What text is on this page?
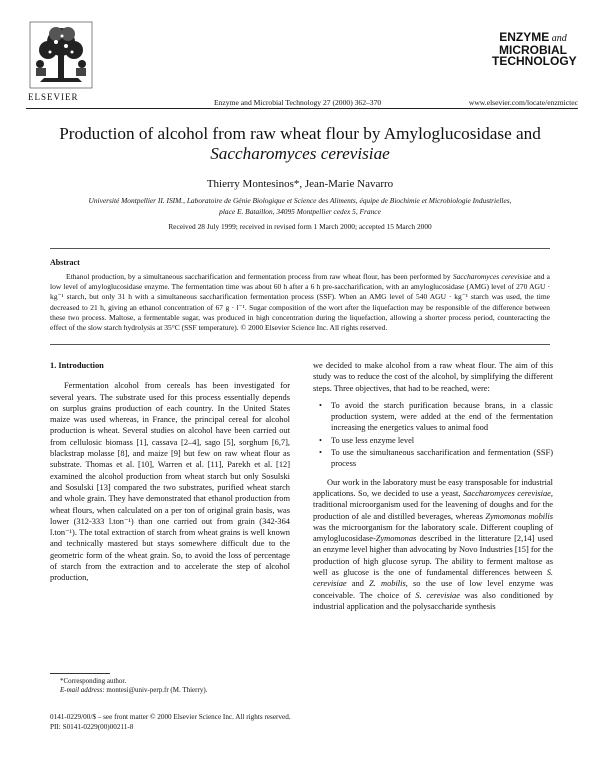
ELSEVIER
Enzyme and Microbial Technology 27 (2000) 362–370	www.elsevier.com/locate/enzmictec
ENZYME and
MICROBIAL
TECHNOLOGY
Production of alcohol from raw wheat flour by Amyloglucosidase and
Saccharomyces cerevisiae
Thierry Montesinos*, Jean-Marie Navarro
Université Montpellier II. ISIM., Laboratoire de Génie Biologique et Science des Aliments, équipe de Biochimie et Microbiologie Industrielles,
place E. Bataillon, 34095 Montpellier cedex 5, France
Received 28 July 1999; received in revised form 1 March 2000; accepted 15 March 2000
Abstract
Ethanol production, by a simultaneous saccharification and fermentation process from raw wheat flour, has been performed by Saccharomyces cerevisiae and a low level of amyloglucosidase enzyme. The fermentation time was about 60 h after a 6 h pre-saccharification, with an amyloglucosidase (AMG) level of 270 AGU · kg⁻¹ starch, but only 31 h with a simultaneous saccharification fermentation process (SSF). When an AMG level of 540 AGU · kg⁻¹ starch was used, the time decreased to 21 h, giving an ethanol concentration of 67 g · l⁻¹. Sugar composition of the wort after the liquefaction may be responsible of the difference between these two process. Maltose, a fermentable sugar, was produced in high concentration during the liquefaction, allowing a shorter process period, counteracting the effect of the slow starch hydrolysis at 35°C (SSF temperature). © 2000 Elsevier Science Inc. All rights reserved.
1. Introduction

Fermentation alcohol from cereals has been investigated for several years. The substrate used for this process essentially depends on surplus grains production of each country. In the United States maize was used whereas, in France, the principal cereal for alcohol production is wheat. Several studies on alcohol have been carried out from cellulosic biomass [1], cassava [2–4], sago [5], sorghum [6,7], blackstrap molasse [8], and maize [9] but few on raw wheat flour as substrate. Thomas et al. [10], Warren et al. [11], Parekh et al. [12] examined the alcohol production from wheat starch but only Sosulski and Sosulski [13] compared the two substrates, purified wheat starch and whole grain. They have demonstrated that ethanol production from wheat flours, when calculated on a per ton of original grain basis, was lower (312-333 l.ton⁻¹) than one carried out from grain (342-364 l.ton⁻¹). The total extraction of starch from wheat grains is well known and technically mastered but stays somewhere difficult due to the geometric form of the wheat grain. So, to avoid the loss of percentage of starch from the extraction and to accelerate the step of alcohol production,

we decided to make alcohol from a raw wheat flour. The aim of this study was to reduce the cost of the alcohol, by simplifying the different steps. Three objectives, that had to be reached, were:

• To avoid the starch purification because brans, in a classic production system, were added at the end of the fermentation increasing the energetics values to animal food
• To use less enzyme level
• To use the simultaneous saccharification and fermentation (SSF) process

Our work in the laboratory must be easy transposable for industrial applications. So, we decided to use a yeast, Saccharomyces cerevisiae, traditional microorganism used for the leavening of doughs and for the production of ale and distilled beverages, whereas Zymomonas mobilis was the microorganism for the laboratory scale. Different coupling of amyloglucosidase-Zymomonas described in the litterature [2,14] used an enzyme level higher than advocating by Novo Industries [15] for the production of high glucose syrup. The ability to ferment maltose as well as glucose is the one of fundamental differences between S. cerevisiae and Z. mobilis, so the use of low level enzyme was conceivable. The choice of S. cerevisiae was also conditioned by industrial application and the polysaccharide synthesis

*Corresponding author.
E-mail address: montesi@univ-perp.fr (M. Thierry).
0141-0229/00/$ – see front matter © 2000 Elsevier Science Inc. All rights reserved.
PII: S0141-0229(00)00211-8
